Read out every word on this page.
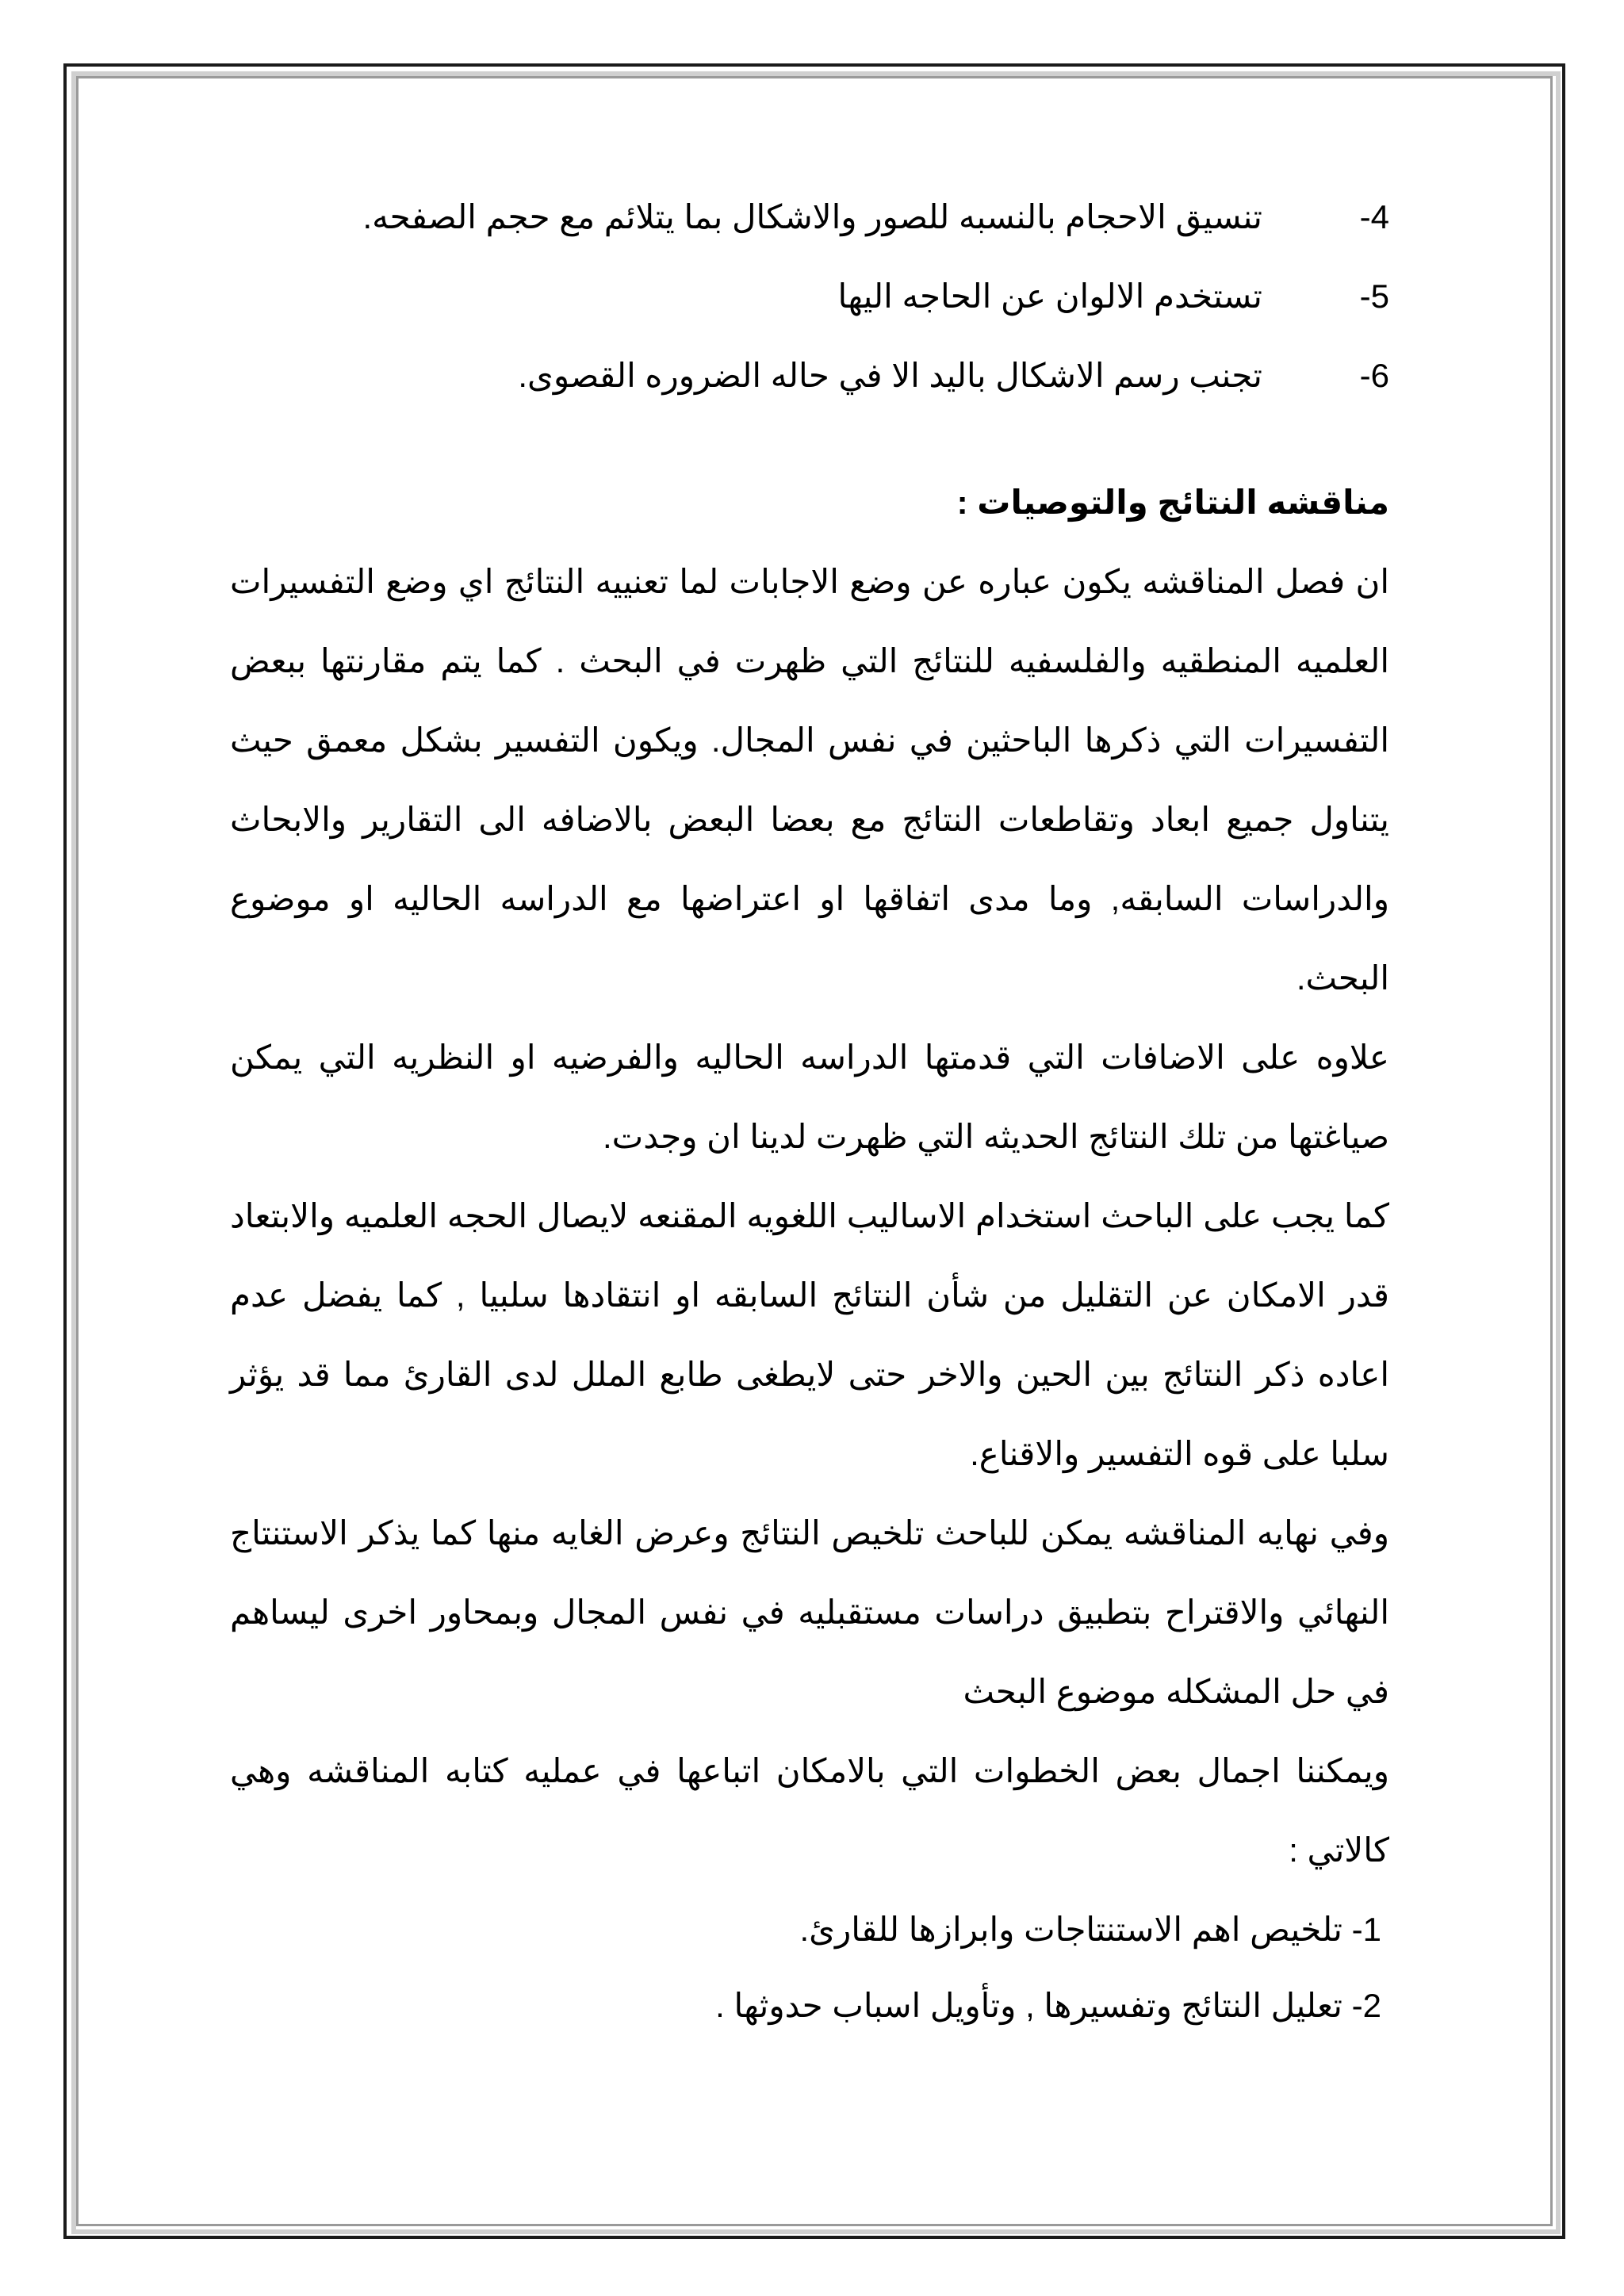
-4
تنسيق الاحجام بالنسبه للصور والاشكال بما يتلائم مع حجم الصفحه.
-5
تستخدم الالوان عن الحاجه اليها
-6
تجنب رسم الاشكال باليد الا في حاله الضروره القصوى.
مناقشه النتائج والتوصيات :

ان فصل المناقشه يكون عباره عن وضع الاجابات لما تعنييه النتائج اي وضع التفسيرات العلميه المنطقيه والفلسفيه للنتائج التي ظهرت في البحث . كما يتم مقارنتها ببعض التفسيرات التي ذكرها الباحثين في نفس المجال. ويكون التفسير بشكل معمق حيث يتناول جميع ابعاد وتقاطعات النتائج مع بعضا البعض بالاضافه الى التقارير والابحاث والدراسات السابقه, وما مدى اتفاقها او اعتراضها مع الدراسه الحاليه او موضوع البحث.

علاوه على الاضافات التي قدمتها الدراسه الحاليه والفرضيه او النظريه التي يمكن صياغتها من تلك النتائج الحديثه التي ظهرت لدينا ان وجدت.

كما يجب على الباحث استخدام الاساليب اللغويه المقنعه لايصال الحجه العلميه والابتعاد قدر الامكان عن التقليل من شأن النتائج السابقه او انتقادها سلبيا , كما يفضل عدم اعاده ذكر النتائج بين الحين والاخر حتى لايطغى طابع الملل لدى القارئ مما قد يؤثر سلبا على قوه التفسير والاقناع.

وفي نهايه المناقشه يمكن للباحث تلخيص النتائج وعرض الغايه منها كما يذكر الاستنتاج النهائي والاقتراح بتطبيق دراسات مستقبليه في نفس المجال وبمحاور اخرى ليساهم في حل المشكله موضوع البحث

ويمكننا اجمال بعض الخطوات التي بالامكان اتباعها في عمليه كتابه المناقشه وهي كالاتي :

1- تلخيص اهم الاستنتاجات وابرازها للقارئ.
2- تعليل النتائج وتفسيرها , وتأويل اسباب حدوثها .
